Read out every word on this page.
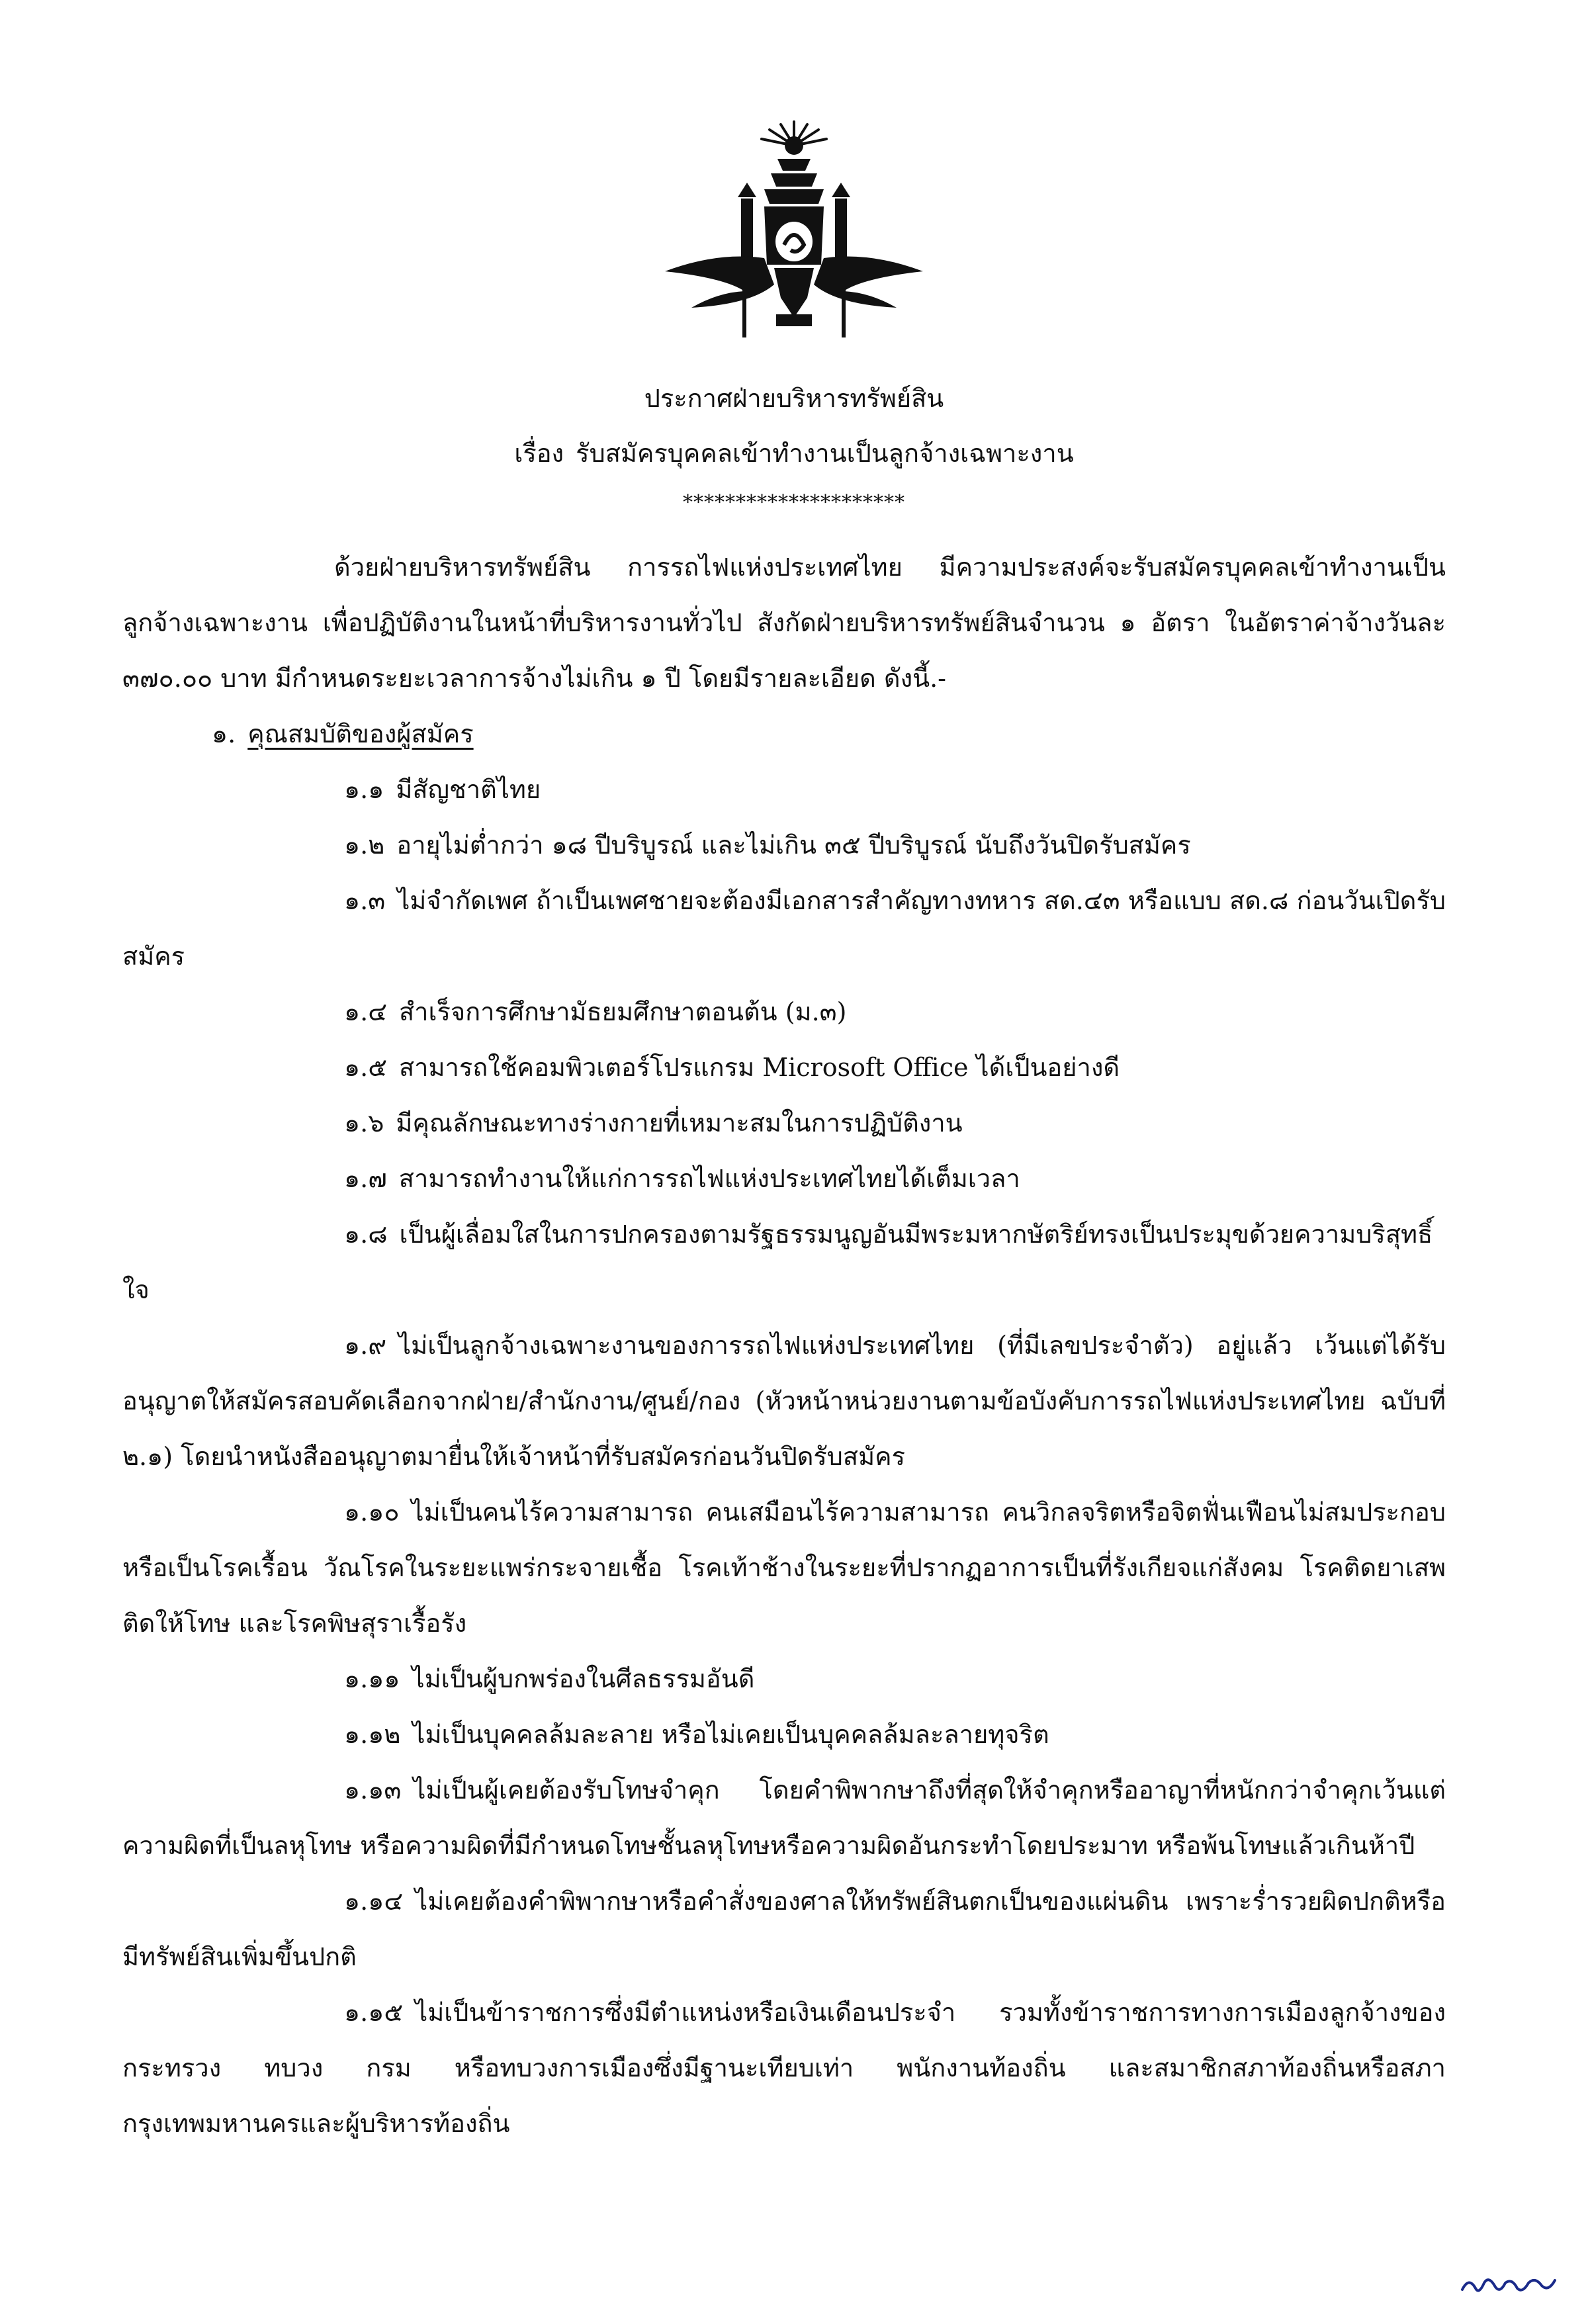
ประกาศฝ่ายบริหารทรัพย์สิน
เรื่อง รับสมัครบุคคลเข้าทำงานเป็นลูกจ้างเฉพาะงาน
*********************

ด้วยฝ่ายบริหารทรัพย์สิน การรถไฟแห่งประเทศไทย มีความประสงค์จะรับสมัครบุคคลเข้าทำงานเป็นลูกจ้างเฉพาะงาน เพื่อปฏิบัติงานในหน้าที่บริหารงานทั่วไป สังกัดฝ่ายบริหารทรัพย์สินจำนวน ๑ อัตรา ในอัตราค่าจ้างวันละ ๓๗๐.๐๐ บาท มีกำหนดระยะเวลาการจ้างไม่เกิน ๑ ปี โดยมีรายละเอียด ดังนี้.-

๑. คุณสมบัติของผู้สมัคร

๑.๑ มีสัญชาติไทย

๑.๒ อายุไม่ต่ำกว่า ๑๘ ปีบริบูรณ์ และไม่เกิน ๓๕ ปีบริบูรณ์ นับถึงวันปิดรับสมัคร

๑.๓ ไม่จำกัดเพศ ถ้าเป็นเพศชายจะต้องมีเอกสารสำคัญทางทหาร สด.๔๓ หรือแบบ สด.๘ ก่อนวันเปิดรับสมัคร

๑.๔ สำเร็จการศึกษามัธยมศึกษาตอนต้น (ม.๓)

๑.๕ สามารถใช้คอมพิวเตอร์โปรแกรม Microsoft Office ได้เป็นอย่างดี

๑.๖ มีคุณลักษณะทางร่างกายที่เหมาะสมในการปฏิบัติงาน

๑.๗ สามารถทำงานให้แก่การรถไฟแห่งประเทศไทยได้เต็มเวลา

๑.๘ เป็นผู้เลื่อมใสในการปกครองตามรัฐธรรมนูญอันมีพระมหากษัตริย์ทรงเป็นประมุขด้วยความบริสุทธิ์ใจ

๑.๙ ไม่เป็นลูกจ้างเฉพาะงานของการรถไฟแห่งประเทศไทย (ที่มีเลขประจำตัว) อยู่แล้ว เว้นแต่ได้รับอนุญาตให้สมัครสอบคัดเลือกจากฝ่าย/สำนักงาน/ศูนย์/กอง (หัวหน้าหน่วยงานตามข้อบังคับการรถไฟแห่งประเทศไทย ฉบับที่ ๒.๑) โดยนำหนังสืออนุญาตมายื่นให้เจ้าหน้าที่รับสมัครก่อนวันปิดรับสมัคร

๑.๑๐ ไม่เป็นคนไร้ความสามารถ คนเสมือนไร้ความสามารถ คนวิกลจริตหรือจิตฟั่นเฟือนไม่สมประกอบหรือเป็นโรคเรื้อน วัณโรคในระยะแพร่กระจายเชื้อ โรคเท้าช้างในระยะที่ปรากฏอาการเป็นที่รังเกียจแก่สังคม โรคติดยาเสพติดให้โทษ และโรคพิษสุราเรื้อรัง

๑.๑๑ ไม่เป็นผู้บกพร่องในศีลธรรมอันดี

๑.๑๒ ไม่เป็นบุคคลล้มละลาย หรือไม่เคยเป็นบุคคลล้มละลายทุจริต

๑.๑๓ ไม่เป็นผู้เคยต้องรับโทษจำคุก โดยคำพิพากษาถึงที่สุดให้จำคุกหรืออาญาที่หนักกว่าจำคุกเว้นแต่ความผิดที่เป็นลหุโทษ หรือความผิดที่มีกำหนดโทษชั้นลหุโทษหรือความผิดอันกระทำโดยประมาท หรือพ้นโทษแล้วเกินห้าปี

๑.๑๔ ไม่เคยต้องคำพิพากษาหรือคำสั่งของศาลให้ทรัพย์สินตกเป็นของแผ่นดิน เพราะร่ำรวยผิดปกติหรือมีทรัพย์สินเพิ่มขึ้นปกติ

๑.๑๕ ไม่เป็นข้าราชการซึ่งมีตำแหน่งหรือเงินเดือนประจำ รวมทั้งข้าราชการทางการเมืองลูกจ้างของกระทรวง ทบวง กรม หรือทบวงการเมืองซึ่งมีฐานะเทียบเท่า พนักงานท้องถิ่น และสมาชิกสภาท้องถิ่นหรือสภากรุงเทพมหานครและผู้บริหารท้องถิ่น
